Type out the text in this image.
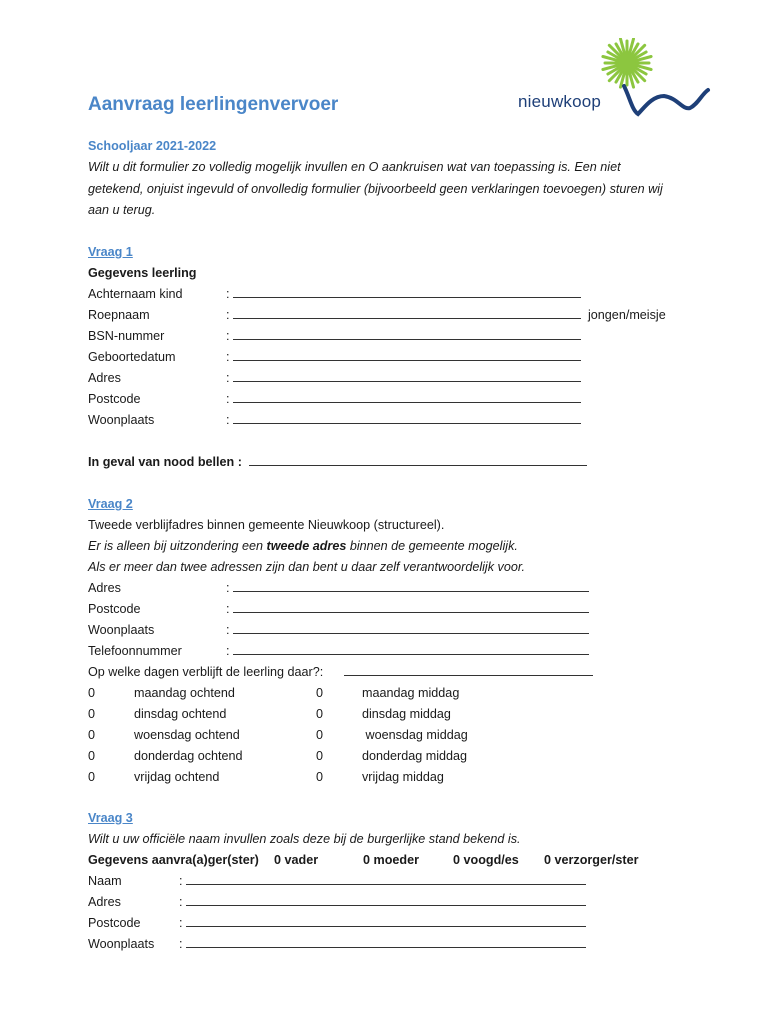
Aanvraag leerlingenvervoer	nieuwkoop
Schooljaar 2021-2022
Wilt u dit formulier zo volledig mogelijk invullen en O aankruisen wat van toepassing is. Een niet
getekend, onjuist ingevuld of onvolledig formulier (bijvoorbeeld geen verklaringen toevoegen) sturen wij
aan u terug.
Vraag 1
Gegevens leerling
Achternaam kind	:
Roepnaam	:	jongen/meisje
BSN-nummer	:
Geboortedatum	:
Adres	:
Postcode	:
Woonplaats	:
In geval van nood bellen :
Vraag 2
Tweede verblijfadres binnen gemeente Nieuwkoop (structureel).
Er is alleen bij uitzondering een tweede adres binnen de gemeente mogelijk.
Als er meer dan twee adressen zijn dan bent u daar zelf verantwoordelijk voor.
Adres	:
Postcode	:
Woonplaats	:
Telefoonnummer	:
Op welke dagen verblijft de leerling daar?:
0	maandag ochtend	0	maandag middag
0	dinsdag ochtend	0	dinsdag middag
0	woensdag ochtend	0	woensdag middag
0	donderdag ochtend	0	donderdag middag
0	vrijdag ochtend	0	vrijdag middag
Vraag 3
Wilt u uw officiële naam invullen zoals deze bij de burgerlijke stand bekend is.
Gegevens aanvra(a)ger(ster) 0 vader	0 moeder	0 voogd/es 0 verzorger/ster
Naam	:
Adres	:
Postcode	:
Woonplaats :
